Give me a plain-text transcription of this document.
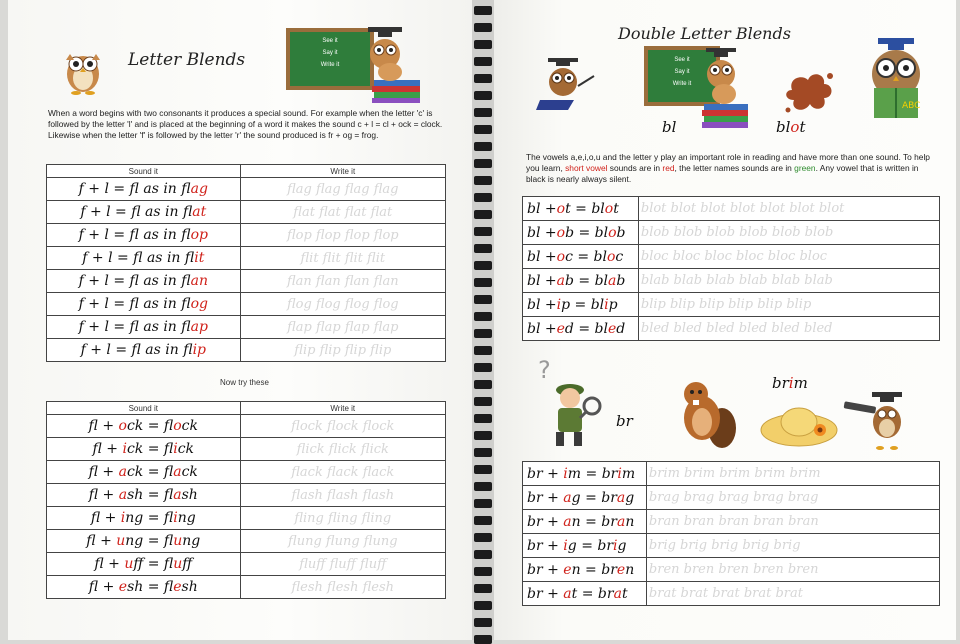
Letter Blends
See it
Say it
Write it
When a word begins with two consonants it produces a special sound. For example when the letter 'c' is followed by the letter 'l' and is placed at the beginning of a word it makes the sound c + l = cl + ock = clock. Likewise when the letter 'f' is followed by the letter 'r' the sound produced is fr + og = frog.
Sound it	Write it
f + l = fl as in flag	flag flag flag flag
f + l = fl as in flat	flat flat flat flat
f + l = fl as in flop	flop flop flop flop
f + l = fl as in flit	flit flit flit flit
f + l = fl as in flan	flan flan flan flan
f + l = fl as in flog	flog flog flog flog
f + l = fl as in flap	flap flap flap flap
f + l = fl as in flip	flip flip flip flip
Now try these
Sound it	Write it
fl + ock = flock	flock flock flock
fl + ick = flick	flick flick flick
fl + ack = flack	flack flack flack
fl + ash = flash	flash flash flash
fl + ing = fling	fling fling fling
fl + ung = flung	flung flung flung
fl + uff = fluff	fluff fluff fluff
fl + esh = flesh	flesh flesh flesh
Double Letter Blends
See it
Say it
Write it
bl	blot
ABC
The vowels a,e,i,o,u and the letter y play an important role in reading and have more than one sound. To help you learn, short vowel sounds are in red, the letter names sounds are in green. Any vowel that is written in black is nearly always silent.
bl +ot = blot	blot blot blot blot blot blot blot
bl +ob = blob	blob blob blob blob blob blob
bl +oc = bloc	bloc bloc bloc bloc bloc bloc
bl +ab = blab	blab blab blab blab blab blab
bl +ip = blip	blip blip blip blip blip blip
bl +ed = bled	bled bled bled bled bled bled
?
br
brim
br + im = brim	brim brim brim brim brim
br + ag = brag	brag brag brag brag brag
br + an = bran	bran bran bran bran bran
br + ig = brig	brig brig brig brig brig
br + en = bren	bren bren bren bren bren
br + at = brat	brat brat brat brat brat
